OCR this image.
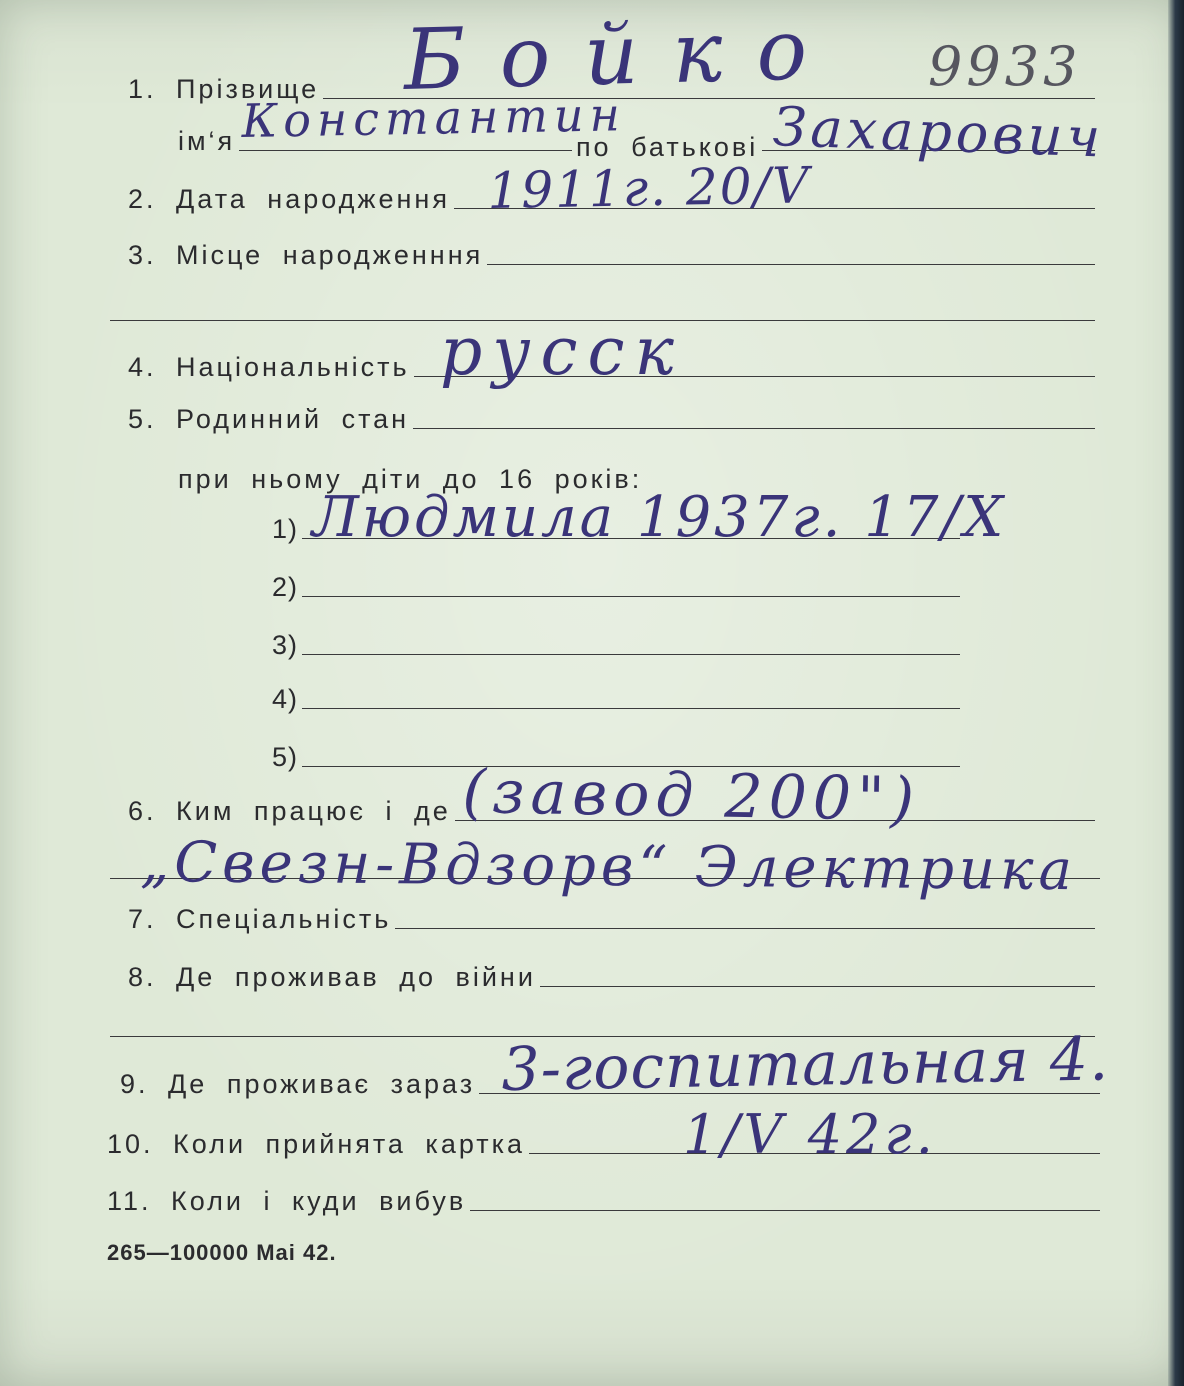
1. Прізвище
ім‘я	по батькові
2. Дата народження
3. Місце народженння
4. Національність
5. Родинний стан
при ньому діти до 16 років:
1)
2)
3)
4)
5)
6. Ким працює і де
7. Спеціальність
8. Де проживав до війни
9. Де проживає зараз
10. Коли прийнята картка
11. Коли і куди вибув
265—100000 Mai 42.
Бойко 9933
Константин	Захарович
1911г. 20/V
русск
Людмила 1937г. 17/X
(завод 200")
„Свезн-Вдзорв“ Электрика
3-госпитальная 4.
1/V 42г.
